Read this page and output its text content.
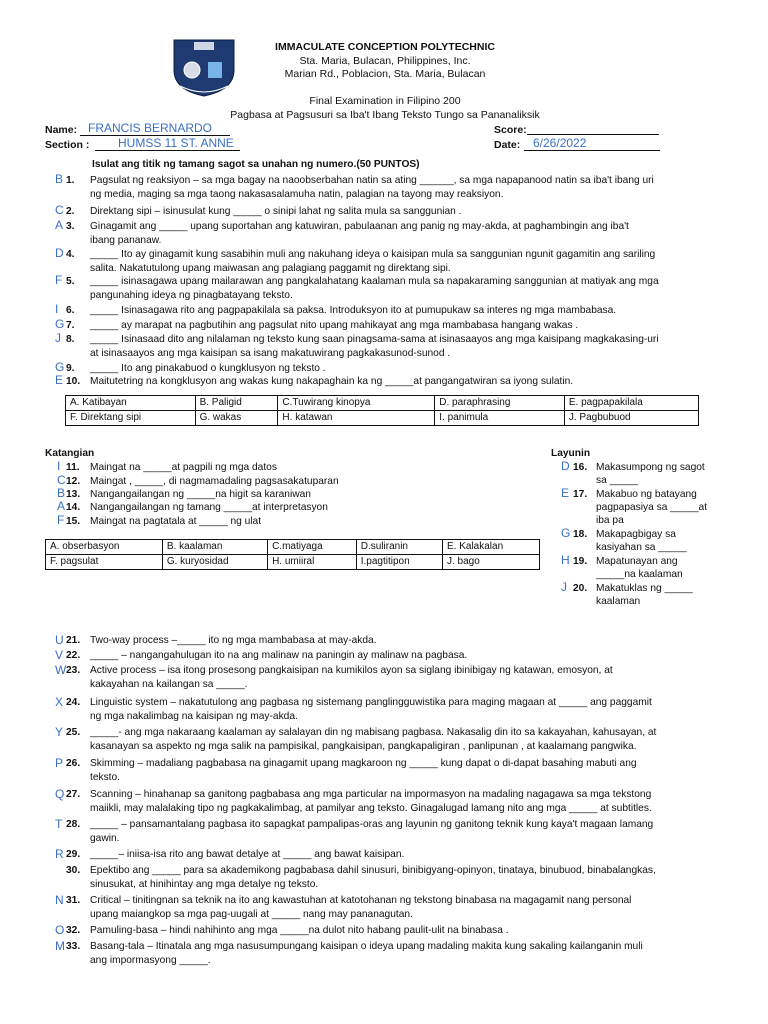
IMMACULATE CONCEPTION POLYTECHNIC
Sta. Maria, Bulacan, Philippines, Inc.
Marian Rd., Poblacion, Sta. Maria, Bulacan
Final Examination in Filipino 200
Pagbasa at Pagsusuri sa Iba't Ibang Teksto Tungo sa Pananaliksik
Name: FRANCIS BERNARDO
Section : HUMSS 11 ST. ANNE
Score:
Date: 6/26/2022
Isulat ang titik ng tamang sagot sa unahan ng numero.(50 PUNTOS)
B 1. Pagsulat ng reaksiyon – sa mga bagay na naoobserbahan natin sa ating ______, sa mga napapanood natin sa iba't ibang uri
ng media, maging sa mga taong nakasasalamuha natin, palagian na tayong may reaksiyon.
C 2. Direktang sipi – isinusulat kung _____ o sinipi lahat ng salita mula sa sanggunian .
A 3. Ginagamit ang _____ upang suportahan ang katuwiran, pabulaanan ang panig ng may-akda, at paghambingin ang iba't
ibang pananaw.
D 4. _____ Ito ay ginagamit kung sasabihin muli ang nakuhang ideya o kaisipan mula sa sanggunian ngunit gagamitin ang sariling
salita. Nakatutulong upang maiwasan ang palagiang paggamit ng direktang sipi.
F 5. _____ isinasagawa upang mailarawan ang pangkalahatang kaalaman mula sa napakaraming sanggunian at matiyak ang mga
pangunahing ideya ng pinagbatayang teksto.
I 6. _____ Isinasagawa rito ang pagpapakilala sa paksa. Introduksyon ito at pumupukaw sa interes ng mga mambabasa.
G 7. _____ ay marapat na pagbutihin ang pagsulat nito upang mahikayat ang mga mambabasa hangang wakas .
J 8. _____ Isinasaad dito ang nilalaman ng teksto kung saan pinagsama-sama at isinasaayos ang mga kaisipang magkakasing-uri
at isinasaayos ang mga kaisipan sa isang makatuwirang pagkakasunod-sunod .
G 9. _____ Ito ang pinakabuod o kungklusyon ng teksto .
E 10. Maitutetring na kongklusyon ang wakas kung nakapaghain ka ng _____at pangangatwiran sa iyong sulatin.
A. Katibayan	B. Paligid	C.Tuwirang kinopya	D. paraphrasing	E. pagpapakilala
F. Direktang sipi	G. wakas	H. katawan	I. panimula	J. Pagbubuod
Katangian
I 11. Maingat na _____at pagpili ng mga datos
C 12. Maingat , _____, di nagmamadaling pagsasakatuparan
B 13. Nangangailangan ng _____na higit sa karaniwan
A 14. Nangangailangan ng tamang _____at interpretasyon
F 15. Maingat na pagtatala at _____ ng ulat
A. obserbasyon	B. kaalaman	C.matiyaga	D.suliranin	E. Kalakalan
F. pagsulat	G. kuryosidad	H. umiiral	I.pagtitipon	J. bago
Layunin
D 16. Makasumpong ng sagot
sa _____
E 17. Makabuo ng batayang
pagpapasiya sa _____at
iba pa
G 18. Makapagbigay sa
kasiyahan sa _____
H 19. Mapatunayan ang
_____na kaalaman
J 20. Makatuklas ng _____
kaalaman
U 21. Two-way process –_____ ito ng mga mambabasa at may-akda.
V 22. _____ – nangangahulugan ito na ang malinaw na paningin ay malinaw na pagbasa.
W 23. Active process – isa itong prosesong pangkaisipan na kumikilos ayon sa siglang ibinibigay ng katawan, emosyon, at
kakayahan na kailangan sa _____.
X 24. Linguistic system – nakatutulong ang pagbasa ng sistemang panglingguwistika para maging magaan at _____ ang paggamit
ng mga nakalimbag na kaisipan ng may-akda.
Y 25. _____- ang mga nakaraang kaalaman ay salalayan din ng mabisang pagbasa. Nakasalig din ito sa kakayahan, kahusayan, at
kasanayan sa aspekto ng mga salik na pampisikal, pangkaisipan, pangkapaligiran , panlipunan , at kaalamang pangwika.
P 26. Skimming – madaliang pagbabasa na ginagamit upang magkaroon ng _____ kung dapat o di-dapat basahing mabuti ang
teksto.
Q 27. Scanning – hinahanap sa ganitong pagbabasa ang mga particular na impormasyon na madaling nagagawa sa mga tekstong
maiikli, may malalaking tipo ng pagkakalimbag, at pamilyar ang teksto. Ginagalugad lamang nito ang mga _____ at subtitles.
T 28. _____ – pansamantalang pagbasa ito sapagkat pampalipas-oras ang layunin ng ganitong teknik kung kaya't magaan lamang
gawin.
R 29. _____– iniisa-isa rito ang bawat detalye at _____ ang bawat kaisipan.
30. Epektibo ang _____ para sa akademikong pagbabasa dahil sinusuri, binibigyang-opinyon, tinataya, binubuod, binabalangkas,
sinusukat, at hinihintay ang mga detalye ng teksto.
N 31. Critical – tinitingnan sa teknik na ito ang kawastuhan at katotohanan ng tekstong binabasa na magagamit nang personal
upang maiangkop sa mga pag-uugali at _____ nang may pananagutan.
O 32. Pamuling-basa – hindi nahihinto ang mga _____na dulot nito habang paulit-ulit na binabasa .
M 33. Basang-tala – Itinatala ang mga nasusumpungang kaisipan o ideya upang madaling makita kung sakaling kailanganin muli
ang impormasyong _____.
